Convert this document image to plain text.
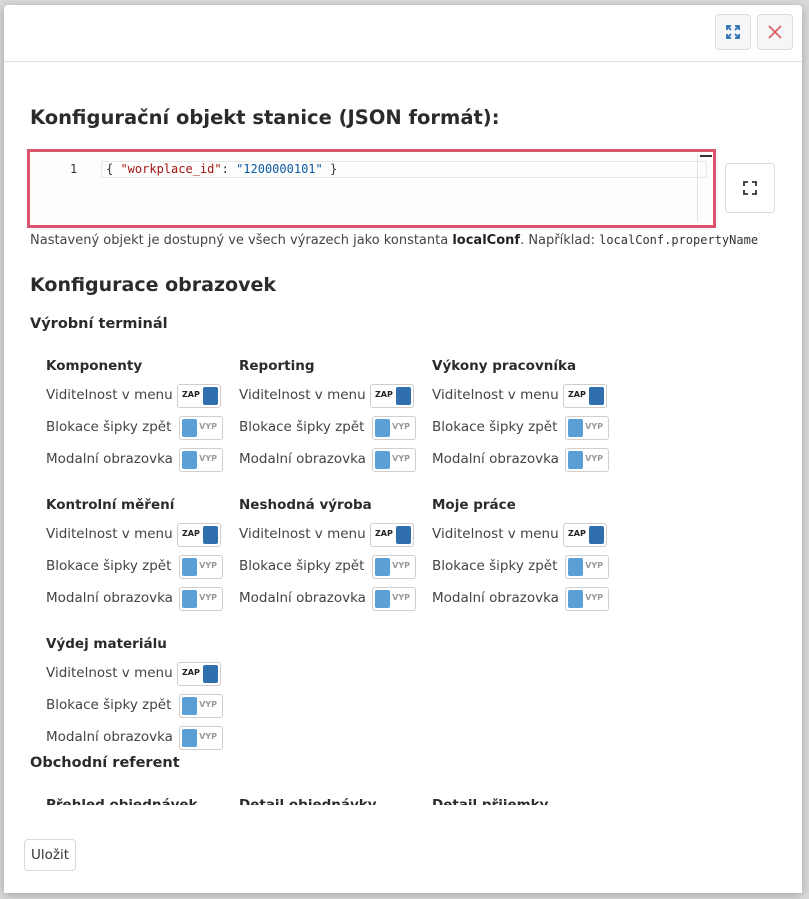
Konfigurační objekt stanice (JSON formát):
1	{ "workplace_id": "1200000101" }
Nastavený objekt je dostupný ve všech výrazech jako konstanta localConf. Například: localConf.propertyName
Konfigurace obrazovek
Výrobní terminál
Komponenty
Viditelnost v menu ZAP
Blokace šipky zpět	VYP
Modalní obrazovka	VYP
Reporting
Viditelnost v menu ZAP
Blokace šipky zpět	VYP
Modalní obrazovka	VYP
Výkony pracovníka
Viditelnost v menu ZAP
Blokace šipky zpět	VYP
Modalní obrazovka	VYP
Kontrolní měření
Viditelnost v menu ZAP
Blokace šipky zpět	VYP
Modalní obrazovka	VYP
Neshodná výroba
Viditelnost v menu ZAP
Blokace šipky zpět	VYP
Modalní obrazovka	VYP
Moje práce
Viditelnost v menu ZAP
Blokace šipky zpět	VYP
Modalní obrazovka	VYP
Výdej materiálu
Viditelnost v menu ZAP
Blokace šipky zpět	VYP
Modalní obrazovka	VYP
Obchodní referent
Uložit
